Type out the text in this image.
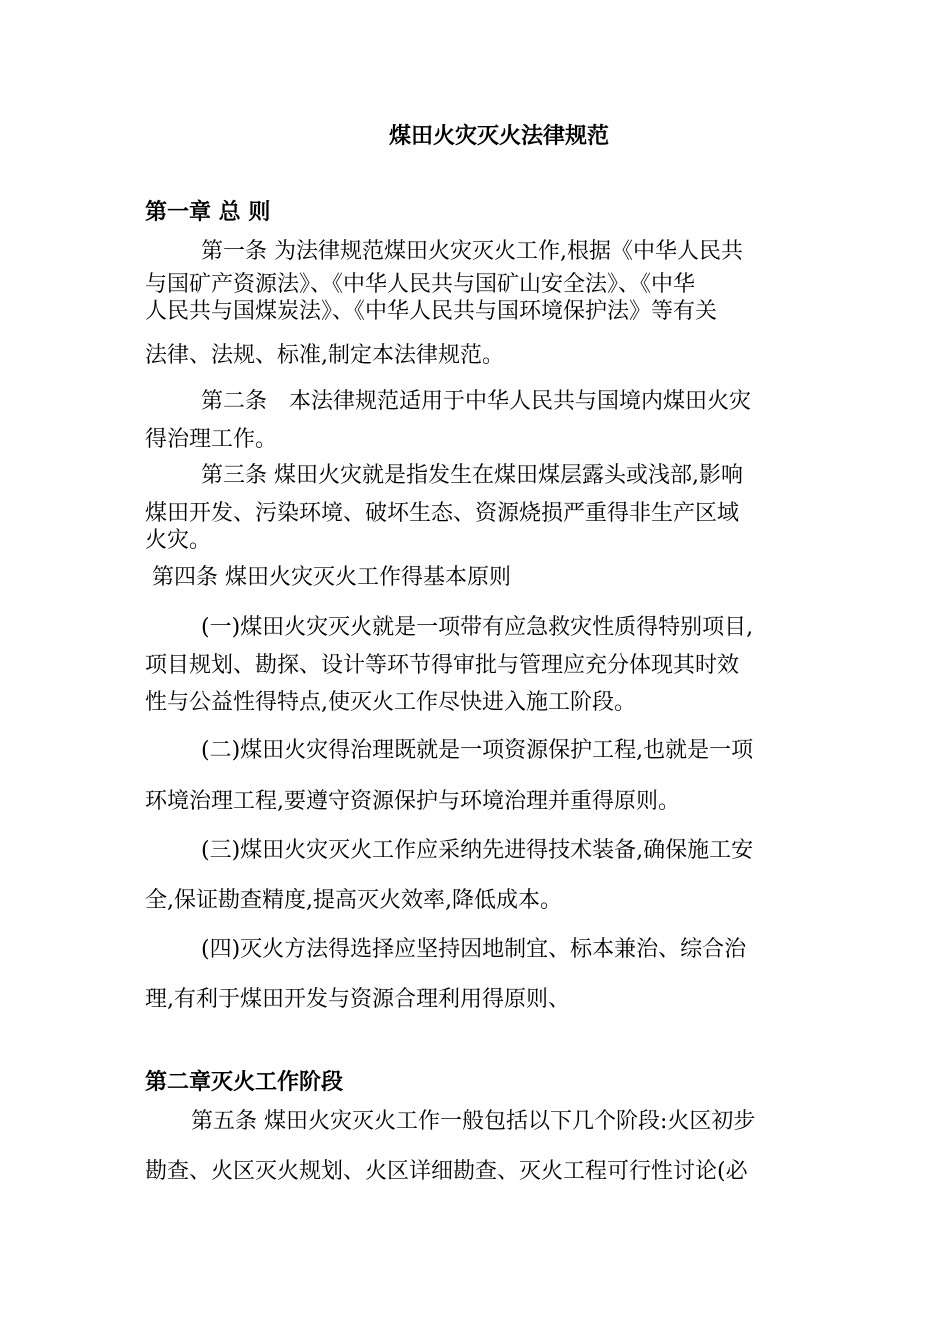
煤田火灾灭火法律规范
第一章 总 则
第一条 为法律规范煤田火灾灭火工作,根据《中华人民共
与国矿产资源法》、《中华人民共与国矿山安全法》、《中华
人民共与国煤炭法》、《中华人民共与国环境保护法》等有关
法律、法规、标准,制定本法律规范。
第二条　本法律规范适用于中华人民共与国境内煤田火灾
得治理工作。
第三条 煤田火灾就是指发生在煤田煤层露头或浅部,影响
煤田开发、污染环境、破坏生态、资源烧损严重得非生产区域
火灾。
第四条 煤田火灾灭火工作得基本原则
(一)煤田火灾灭火就是一项带有应急救灾性质得特别项目,
项目规划、勘探、设计等环节得审批与管理应充分体现其时效
性与公益性得特点,使灭火工作尽快进入施工阶段。
(二)煤田火灾得治理既就是一项资源保护工程,也就是一项
环境治理工程,要遵守资源保护与环境治理并重得原则。
(三)煤田火灾灭火工作应采纳先进得技术装备,确保施工安
全,保证勘查精度,提高灭火效率,降低成本。
(四)灭火方法得选择应坚持因地制宜、标本兼治、综合治
理,有利于煤田开发与资源合理利用得原则、
第二章灭火工作阶段
第五条 煤田火灾灭火工作一般包括以下几个阶段:火区初步
勘查、火区灭火规划、火区详细勘查、灭火工程可行性讨论(必
